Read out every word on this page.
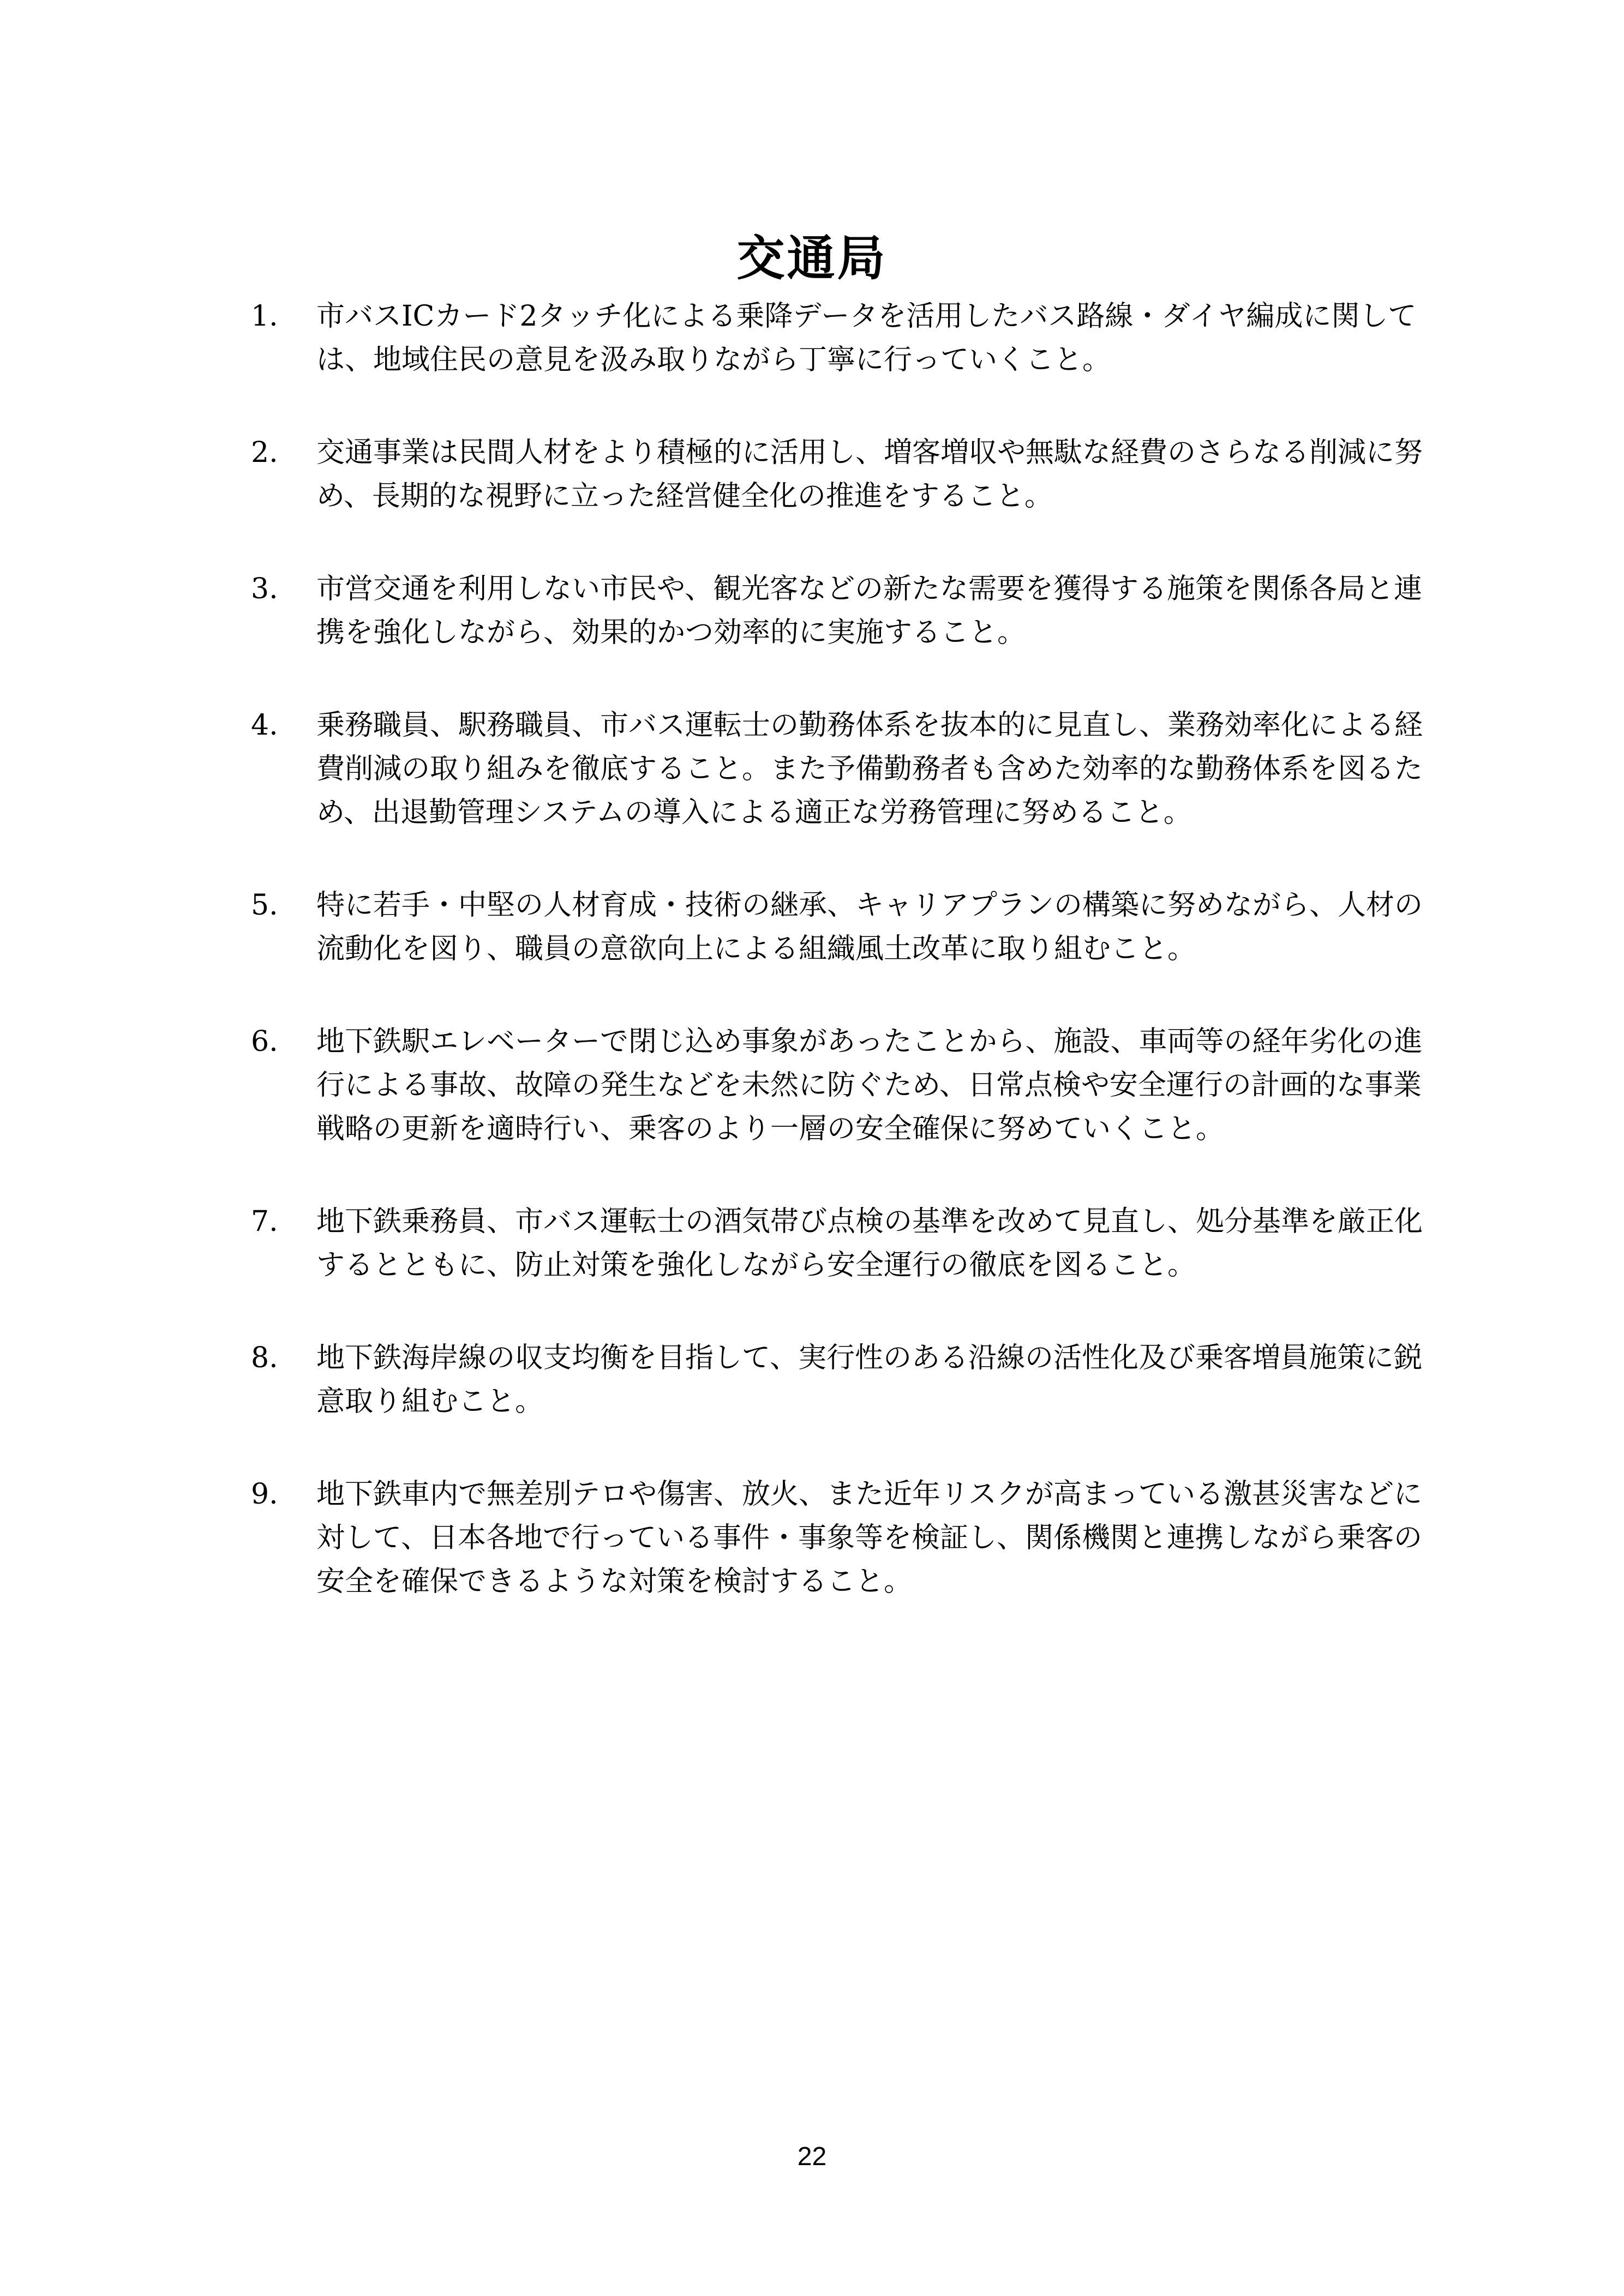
交通局
1.	市バスICカード2タッチ化による乗降データを活用したバス路線・ダイヤ編成に関しては、地域住民の意見を汲み取りながら丁寧に行っていくこと。
2.	交通事業は民間人材をより積極的に活用し、増客増収や無駄な経費のさらなる削減に努め、長期的な視野に立った経営健全化の推進をすること。
3.	市営交通を利用しない市民や、観光客などの新たな需要を獲得する施策を関係各局と連携を強化しながら、効果的かつ効率的に実施すること。
4.	乗務職員、駅務職員、市バス運転士の勤務体系を抜本的に見直し、業務効率化による経費削減の取り組みを徹底すること。また予備勤務者も含めた効率的な勤務体系を図るため、出退勤管理システムの導入による適正な労務管理に努めること。
5.	特に若手・中堅の人材育成・技術の継承、キャリアプランの構築に努めながら、人材の流動化を図り、職員の意欲向上による組織風土改革に取り組むこと。
6.	地下鉄駅エレベーターで閉じ込め事象があったことから、施設、車両等の経年劣化の進行による事故、故障の発生などを未然に防ぐため、日常点検や安全運行の計画的な事業戦略の更新を適時行い、乗客のより一層の安全確保に努めていくこと。
7.	地下鉄乗務員、市バス運転士の酒気帯び点検の基準を改めて見直し、処分基準を厳正化するとともに、防止対策を強化しながら安全運行の徹底を図ること。
8.	地下鉄海岸線の収支均衡を目指して、実行性のある沿線の活性化及び乗客増員施策に鋭意取り組むこと。
9.	地下鉄車内で無差別テロや傷害、放火、また近年リスクが高まっている激甚災害などに対して、日本各地で行っている事件・事象等を検証し、関係機関と連携しながら乗客の安全を確保できるような対策を検討すること。
22
